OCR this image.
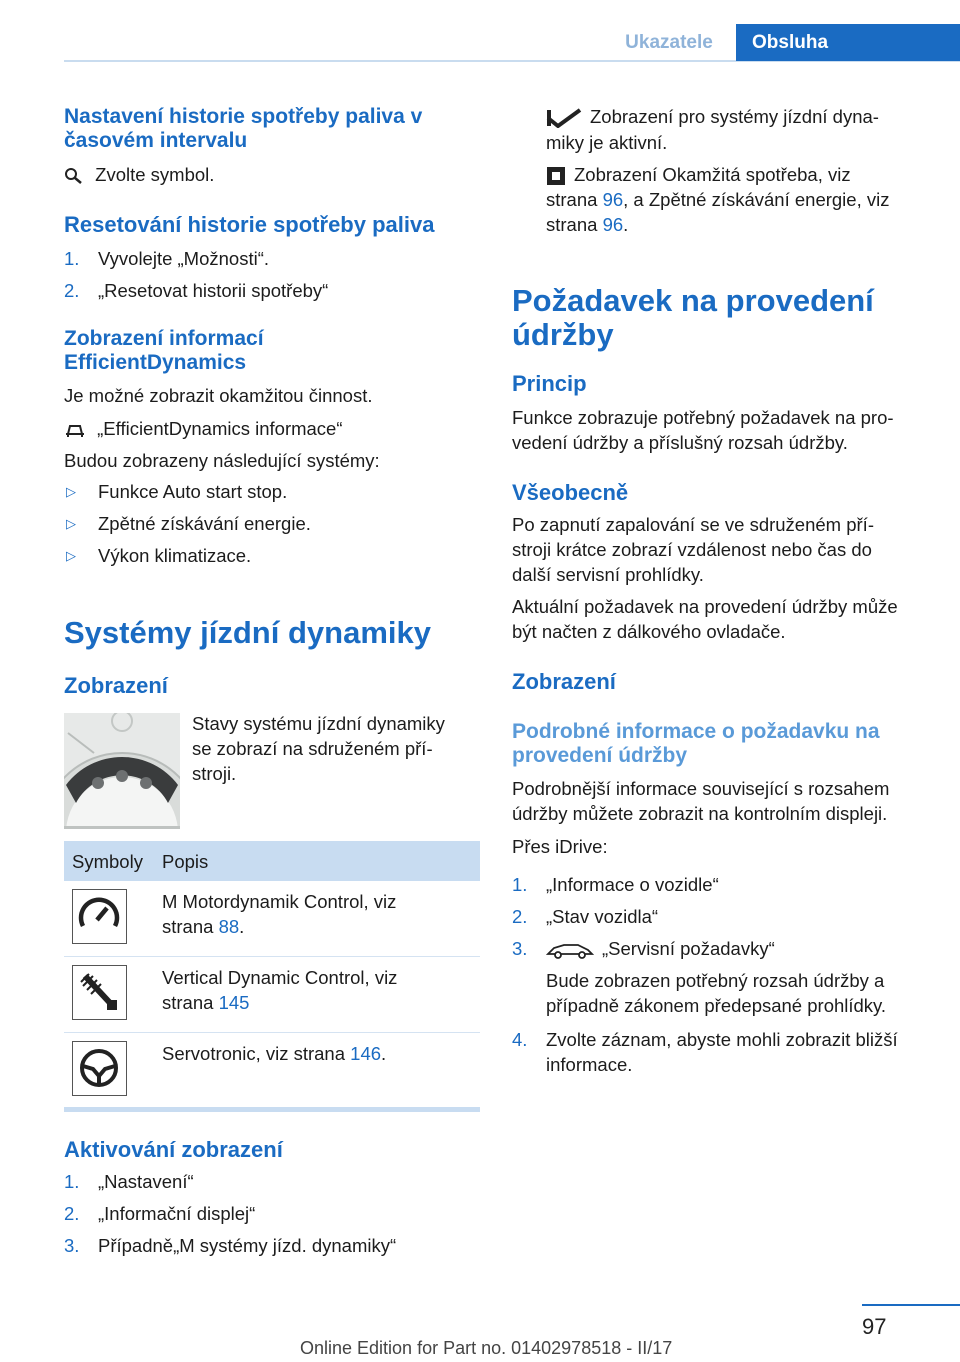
Ukazatele	Obsluha
Nastavení historie spotřeby paliva v
časovém intervalu
Zvolte symbol.
Resetování historie spotřeby paliva
1. Vyvolejte „Možnosti“.
2. „Resetovat historii spotřeby“
Zobrazení informací
EfficientDynamics
Je možné zobrazit okamžitou činnost.
„EfficientDynamics informace“
Budou zobrazeny následující systémy:
▷ Funkce Auto start stop.
▷ Zpětné získávání energie.
▷ Výkon klimatizace.
Systémy jízdní dynamiky
Zobrazení
Stavy systému jízdní dynamiky
se zobrazí na sdruženém pří‐
stroji.
Symboly Popis
M Motordynamik Control, viz
strana 88.
Vertical Dynamic Control, viz
strana 145
Servotronic, viz strana 146.
Aktivování zobrazení
1. „Nastavení“
2. „Informační displej“
3. Případně„M systémy jízd. dynamiky“
Zobrazení pro systémy jízdní dyna‐
miky je aktivní.
Zobrazení Okamžitá spotřeba, viz
strana 96, a Zpětné získávání energie, viz
strana 96.
Požadavek na provedení
údržby
Princip
Funkce zobrazuje potřebný požadavek na pro‐
vedení údržby a příslušný rozsah údržby.
Všeobecně
Po zapnutí zapalování se ve sdruženém pří‐
stroji krátce zobrazí vzdálenost nebo čas do
další servisní prohlídky.
Aktuální požadavek na provedení údržby může
být načten z dálkového ovladače.
Zobrazení
Podrobné informace o požadavku na
provedení údržby
Podrobnější informace související s rozsahem
údržby můžete zobrazit na kontrolním displeji.
Přes iDrive:
1. „Informace o vozidle“
2. „Stav vozidla“
3.	„Servisní požadavky“
Bude zobrazen potřebný rozsah údržby a
případně zákonem předepsané prohlídky.
4. Zvolte záznam, abyste mohli zobrazit bližší
informace.
97
Online Edition for Part no. 01402978518 - II/17
